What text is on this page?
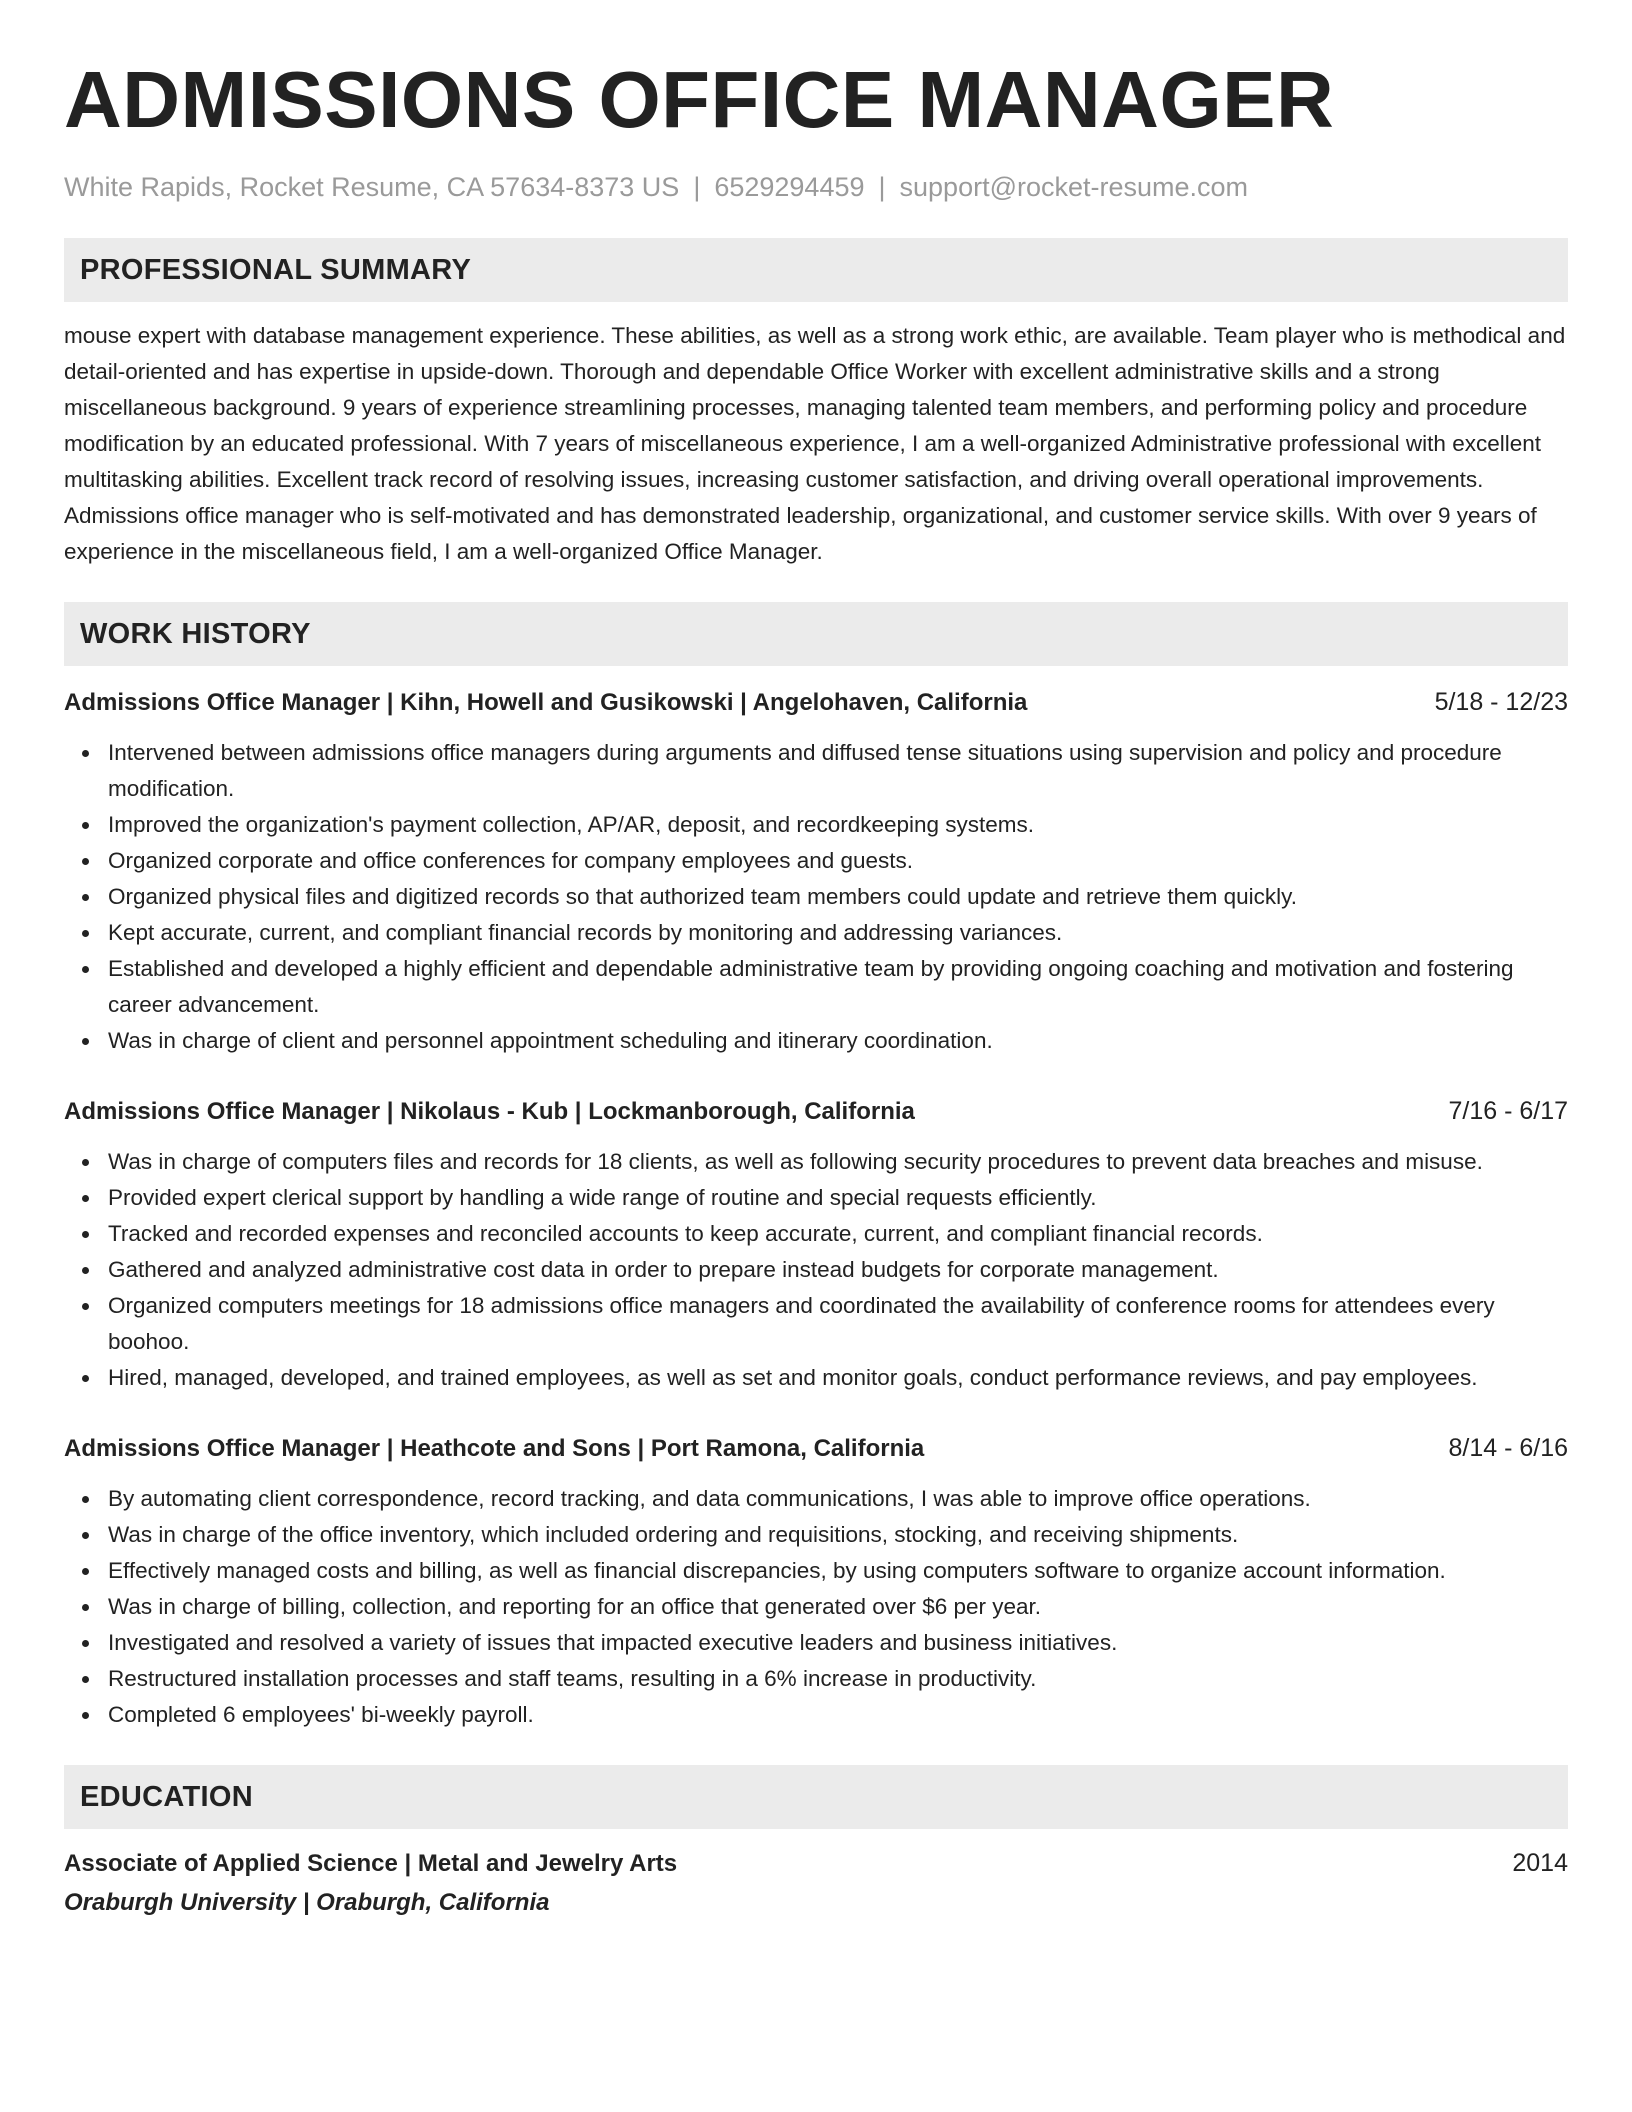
ADMISSIONS OFFICE MANAGER
White Rapids, Rocket Resume, CA 57634-8373 US | 6529294459 | support@rocket-resume.com
PROFESSIONAL SUMMARY
mouse expert with database management experience. These abilities, as well as a strong work ethic, are available. Team player who is methodical and detail-oriented and has expertise in upside-down. Thorough and dependable Office Worker with excellent administrative skills and a strong miscellaneous background. 9 years of experience streamlining processes, managing talented team members, and performing policy and procedure modification by an educated professional. With 7 years of miscellaneous experience, I am a well-organized Administrative professional with excellent multitasking abilities. Excellent track record of resolving issues, increasing customer satisfaction, and driving overall operational improvements. Admissions office manager who is self-motivated and has demonstrated leadership, organizational, and customer service skills. With over 9 years of experience in the miscellaneous field, I am a well-organized Office Manager.
WORK HISTORY
Admissions Office Manager | Kihn, Howell and Gusikowski | Angelohaven, California	5/18 - 12/23
Intervened between admissions office managers during arguments and diffused tense situations using supervision and policy and procedure modification.
Improved the organization's payment collection, AP/AR, deposit, and recordkeeping systems.
Organized corporate and office conferences for company employees and guests.
Organized physical files and digitized records so that authorized team members could update and retrieve them quickly.
Kept accurate, current, and compliant financial records by monitoring and addressing variances.
Established and developed a highly efficient and dependable administrative team by providing ongoing coaching and motivation and fostering career advancement.
Was in charge of client and personnel appointment scheduling and itinerary coordination.
Admissions Office Manager | Nikolaus - Kub | Lockmanborough, California	7/16 - 6/17
Was in charge of computers files and records for 18 clients, as well as following security procedures to prevent data breaches and misuse.
Provided expert clerical support by handling a wide range of routine and special requests efficiently.
Tracked and recorded expenses and reconciled accounts to keep accurate, current, and compliant financial records.
Gathered and analyzed administrative cost data in order to prepare instead budgets for corporate management.
Organized computers meetings for 18 admissions office managers and coordinated the availability of conference rooms for attendees every boohoo.
Hired, managed, developed, and trained employees, as well as set and monitor goals, conduct performance reviews, and pay employees.
Admissions Office Manager | Heathcote and Sons | Port Ramona, California	8/14 - 6/16
By automating client correspondence, record tracking, and data communications, I was able to improve office operations.
Was in charge of the office inventory, which included ordering and requisitions, stocking, and receiving shipments.
Effectively managed costs and billing, as well as financial discrepancies, by using computers software to organize account information.
Was in charge of billing, collection, and reporting for an office that generated over $6 per year.
Investigated and resolved a variety of issues that impacted executive leaders and business initiatives.
Restructured installation processes and staff teams, resulting in a 6% increase in productivity.
Completed 6 employees' bi-weekly payroll.
EDUCATION
Associate of Applied Science | Metal and Jewelry Arts	2014
Oraburgh University | Oraburgh, California
